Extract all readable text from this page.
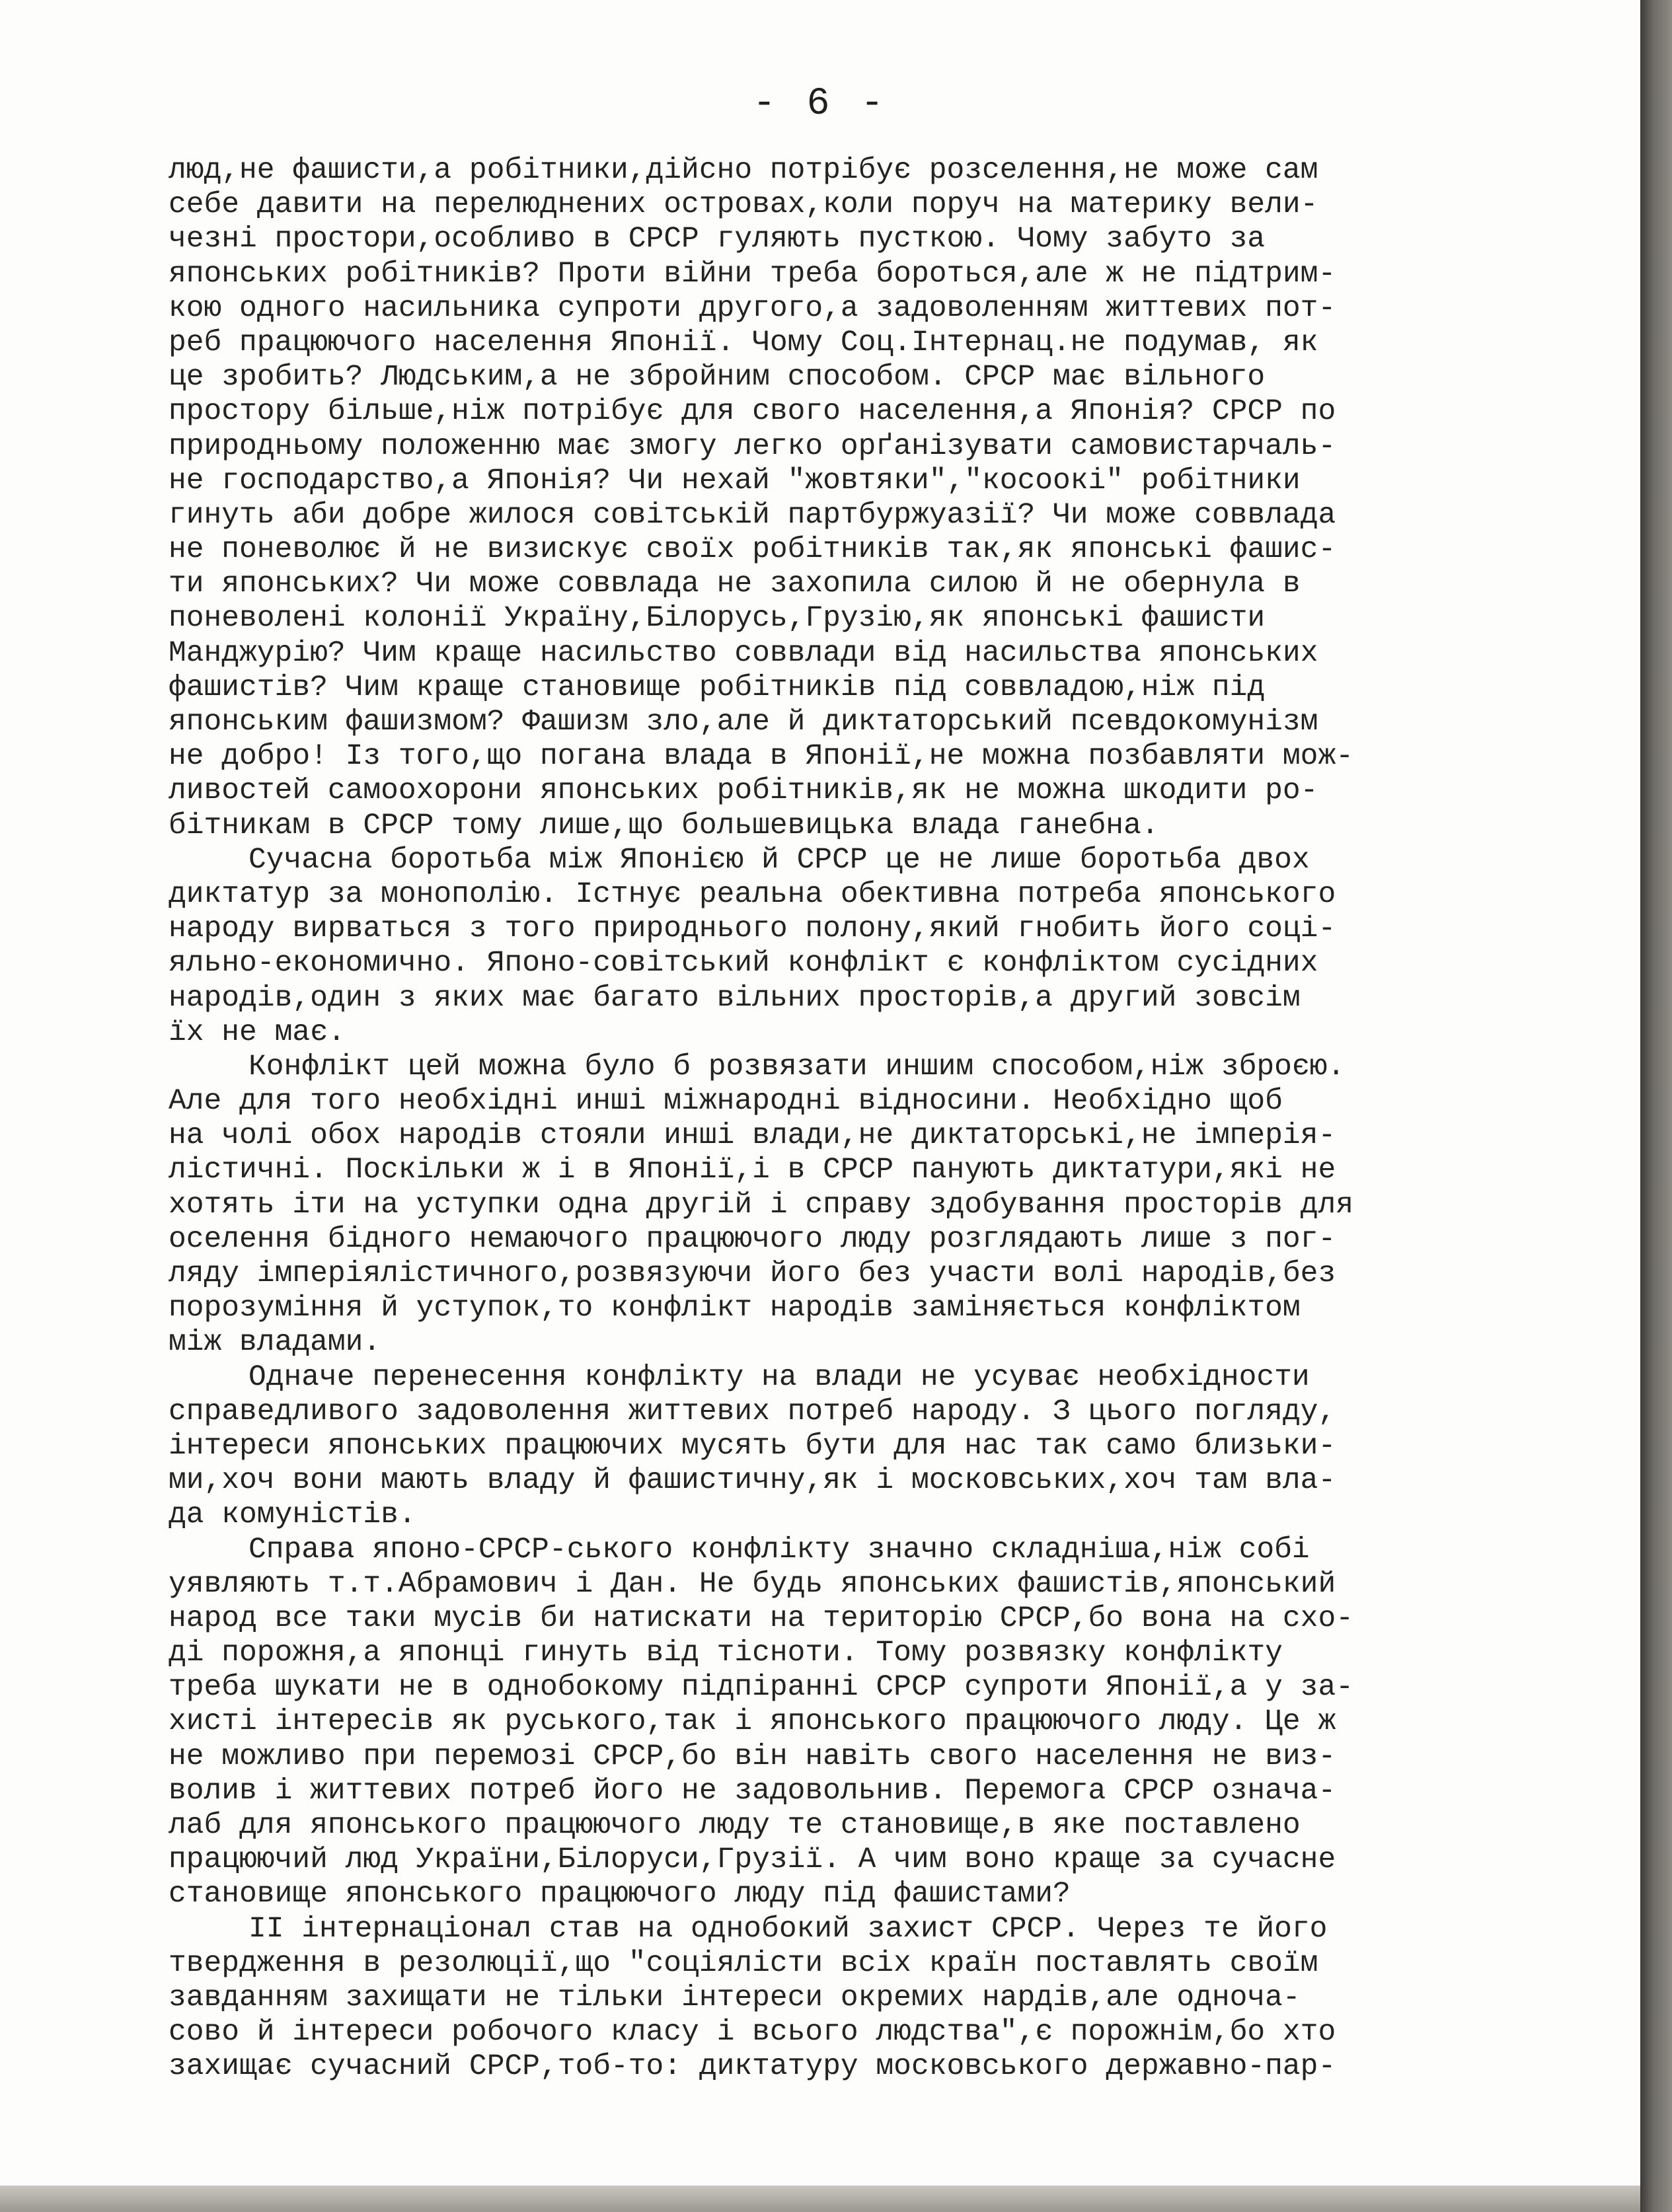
- 6 -
люд,не фашисти,а робітники,дійсно потрібує розселення,не може сам
себе давити на перелюднених островах,коли поруч на материку вели-
чезні простори,особливо в СРСР гуляють пусткою. Чому забуто за
японських робітників? Проти війни треба бороться,але ж не підтрим-
кою одного насильника супроти другого,а задоволенням життевих пот-
реб працюючого населення Японії. Чому Соц.Інтернац.не подумав, як
це зробить? Людським,а не збройним способом. СРСР має вільного
простору більше,ніж потрібує для свого населення,а Японія? СРСР по
природньому положенню має змогу легко орґанізувати самовистарчаль-
не господарство,а Японія? Чи нехай "жовтяки","косоокі" робітники
гинуть аби добре жилося совітській партбуржуазії? Чи може соввлада
не поневолює й не визискує своїх робітників так,як японські фашис-
ти японських? Чи може соввлада не захопила силою й не обернула в
поневолені колонії Україну,Білорусь,Грузію,як японські фашисти
Манджурію? Чим краще насильство соввлади від насильства японських
фашистів? Чим краще становище робітників під соввладою,ніж під
японським фашизмом? Фашизм зло,але й диктаторський псевдокомунізм
не добро! Із того,що погана влада в Японії,не можна позбавляти мож-
ливостей самоохорони японських робітників,як не можна шкодити ро-
бітникам в СРСР тому лише,що большевицька влада ганебна.
Сучасна боротьба між Японією й СРСР це не лише боротьба двох
диктатур за монополію. Істнує реальна обективна потреба японського
народу вирваться з того природнього полону,який гнобить його соці-
яльно-економично. Японо-совітський конфлікт є конфліктом сусідних
народів,один з яких має багато вільних просторів,а другий зовсім
їх не має.
Конфлікт цей можна було б розвязати иншим способом,ніж зброєю.
Але для того необхідні инші міжнародні відносини. Необхідно щоб
на чолі обох народів стояли инші влади,не диктаторські,не імперія-
лістичні. Поскільки ж і в Японії,і в СРСР панують диктатури,які не
хотять іти на уступки одна другій і справу здобування просторів для
оселення бідного немаючого працюючого люду розглядають лише з пог-
ляду імперіялістичного,розвязуючи його без участи волі народів,без
порозуміння й уступок,то конфлікт народів заміняється конфліктом
між владами.
Одначе перенесення конфлікту на влади не усуває необхідности
справедливого задоволення життевих потреб народу. З цього погляду,
інтереси японських працюючих мусять бути для нас так само близьки-
ми,хоч вони мають владу й фашистичну,як і московських,хоч там вла-
да комуністів.
Справа японо-СРСР-ського конфлікту значно складніша,ніж собі
уявляють т.т.Абрамович і Дан. Не будь японських фашистів,японський
народ все таки мусів би натискати на територію СРСР,бо вона на схо-
ді порожня,а японці гинуть від тісноти. Тому розвязку конфлікту
треба шукати не в однобокому підпіранні СРСР супроти Японії,а у за-
хисті інтересів як руського,так і японського працюючого люду. Це ж
не можливо при перемозі СРСР,бо він навіть свого населення не виз-
волив і життевих потреб його не задовольнив. Перемога СРСР означа-
лаб для японського працюючого люду те становище,в яке поставлено
працюючий люд України,Білоруси,Грузії. А чим воно краще за сучасне
становище японського працюючого люду під фашистами?
II інтернаціонал став на однобокий захист СРСР. Через те його
твердження в резолюції,що "соціялісти всіх країн поставлять своїм
завданням захищати не тільки інтереси окремих нардів,але одноча-
сово й інтереси робочого класу і всього людства",є порожнім,бо хто
захищає сучасний СРСР,тоб-то: диктатуру московського державно-пар-
